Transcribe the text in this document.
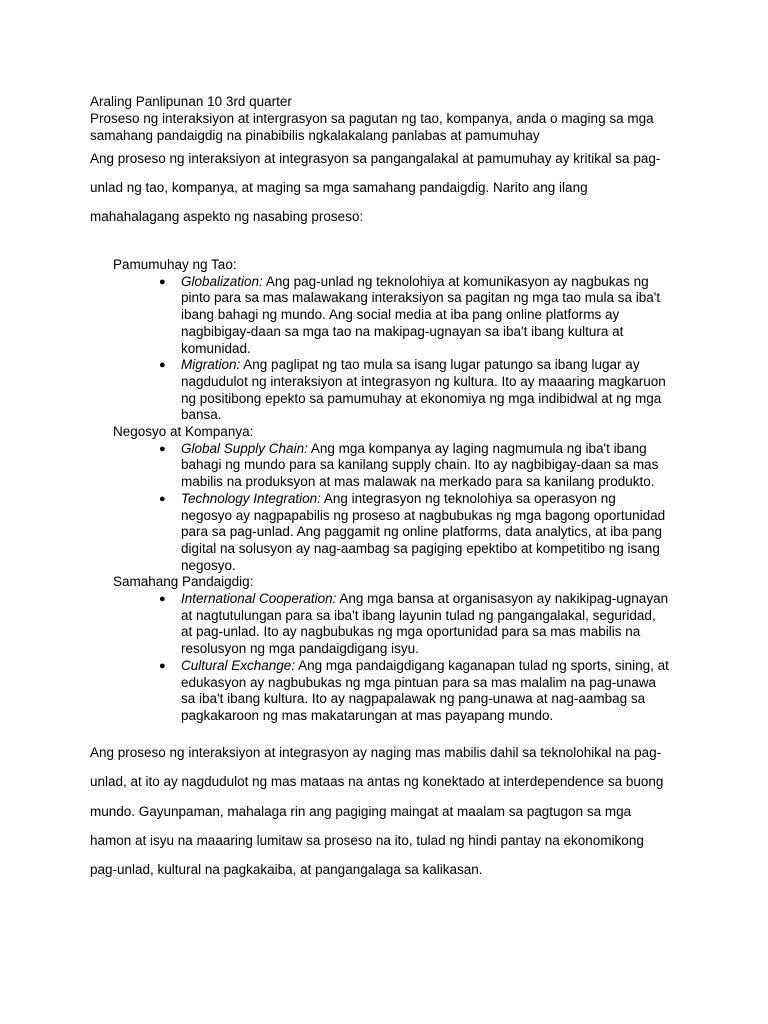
Araling Panlipunan 10 3rd quarter

Proseso ng interaksiyon at intergrasyon sa pagutan ng tao, kompanya, anda o maging sa mga

samahang pandaigdig na pinabibilis ngkalakalang panlabas at pamumuhay

Ang proseso ng interaksiyon at integrasyon sa pangangalakal at pamumuhay ay kritikal sa pag-

unlad ng tao, kompanya, at maging sa mga samahang pandaigdig. Narito ang ilang

mahahalagang aspekto ng nasabing proseso:

Pamumuhay ng Tao:

● Globalization: Ang pag-unlad ng teknolohiya at komunikasyon ay nagbukas ng
pinto para sa mas malawakang interaksiyon sa pagitan ng mga tao mula sa iba't
ibang bahagi ng mundo. Ang social media at iba pang online platforms ay
nagbibigay-daan sa mga tao na makipag-ugnayan sa iba't ibang kultura at
komunidad.
● Migration: Ang paglipat ng tao mula sa isang lugar patungo sa ibang lugar ay
nagdudulot ng interaksiyon at integrasyon ng kultura. Ito ay maaaring magkaruon
ng positibong epekto sa pamumuhay at ekonomiya ng mga indibidwal at ng mga
bansa.

Negosyo at Kompanya:

● Global Supply Chain: Ang mga kompanya ay laging nagmumula ng iba't ibang
bahagi ng mundo para sa kanilang supply chain. Ito ay nagbibigay-daan sa mas
mabilis na produksyon at mas malawak na merkado para sa kanilang produkto.
● Technology Integration: Ang integrasyon ng teknolohiya sa operasyon ng
negosyo ay nagpapabilis ng proseso at nagbubukas ng mga bagong oportunidad
para sa pag-unlad. Ang paggamit ng online platforms, data analytics, at iba pang
digital na solusyon ay nag-aambag sa pagiging epektibo at kompetitibo ng isang
negosyo.

Samahang Pandaigdig:

● International Cooperation: Ang mga bansa at organisasyon ay nakikipag-ugnayan
at nagtutulungan para sa iba't ibang layunin tulad ng pangangalakal, seguridad,
at pag-unlad. Ito ay nagbubukas ng mga oportunidad para sa mas mabilis na
resolusyon ng mga pandaigdigang isyu.
● Cultural Exchange: Ang mga pandaigdigang kaganapan tulad ng sports, sining, at
edukasyon ay nagbubukas ng mga pintuan para sa mas malalim na pag-unawa
sa iba't ibang kultura. Ito ay nagpapalawak ng pang-unawa at nag-aambag sa
pagkakaroon ng mas makatarungan at mas payapang mundo.

Ang proseso ng interaksiyon at integrasyon ay naging mas mabilis dahil sa teknolohikal na pag-

unlad, at ito ay nagdudulot ng mas mataas na antas ng konektado at interdependence sa buong

mundo. Gayunpaman, mahalaga rin ang pagiging maingat at maalam sa pagtugon sa mga

hamon at isyu na maaaring lumitaw sa proseso na ito, tulad ng hindi pantay na ekonomikong

pag-unlad, kultural na pagkakaiba, at pangangalaga sa kalikasan.
